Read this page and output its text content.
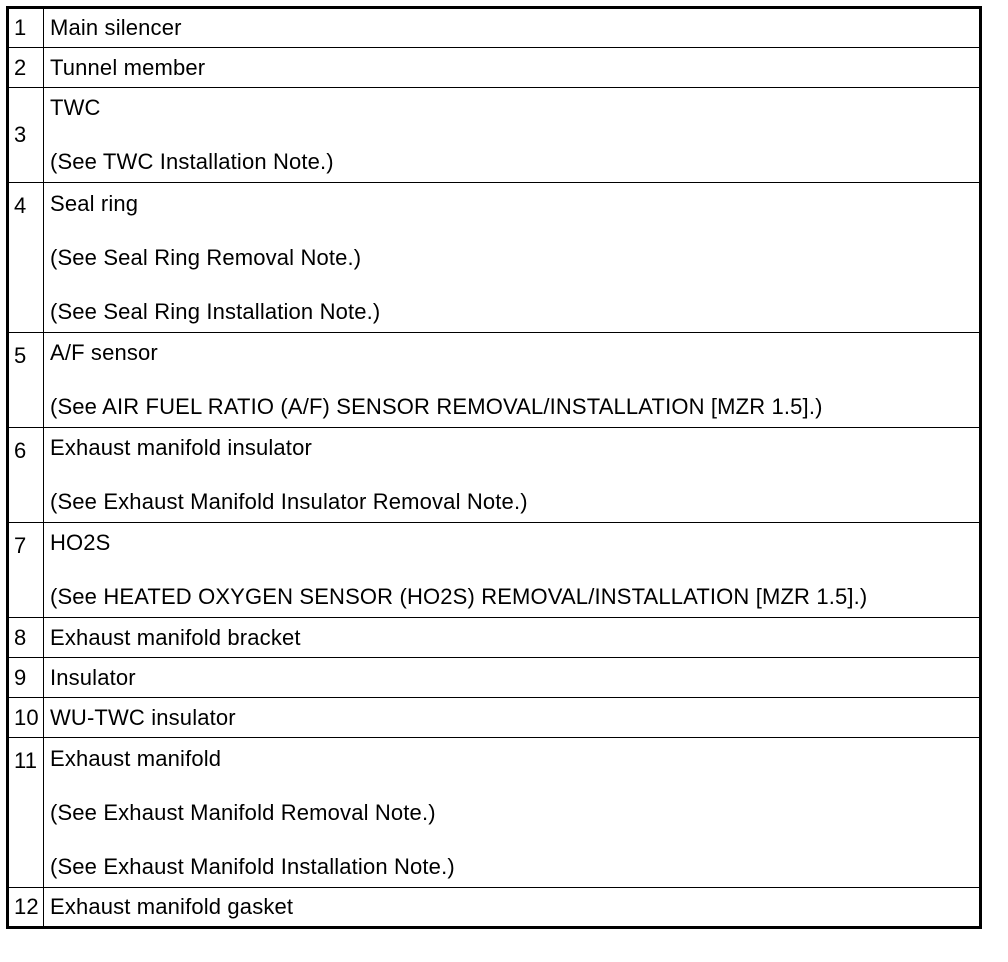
1	Main silencer

2	Tunnel member

3	TWC
(See TWC Installation Note.)

4	Seal ring
(See Seal Ring Removal Note.)
(See Seal Ring Installation Note.)

5	A/F sensor
(See AIR FUEL RATIO (A/F) SENSOR REMOVAL/INSTALLATION [MZR 1.5].)

6	Exhaust manifold insulator
(See Exhaust Manifold Insulator Removal Note.)

7	HO2S
(See HEATED OXYGEN SENSOR (HO2S) REMOVAL/INSTALLATION [MZR 1.5].)

8	Exhaust manifold bracket

9	Insulator

10	WU-TWC insulator

11	Exhaust manifold
(See Exhaust Manifold Removal Note.)
(See Exhaust Manifold Installation Note.)

12	Exhaust manifold gasket
